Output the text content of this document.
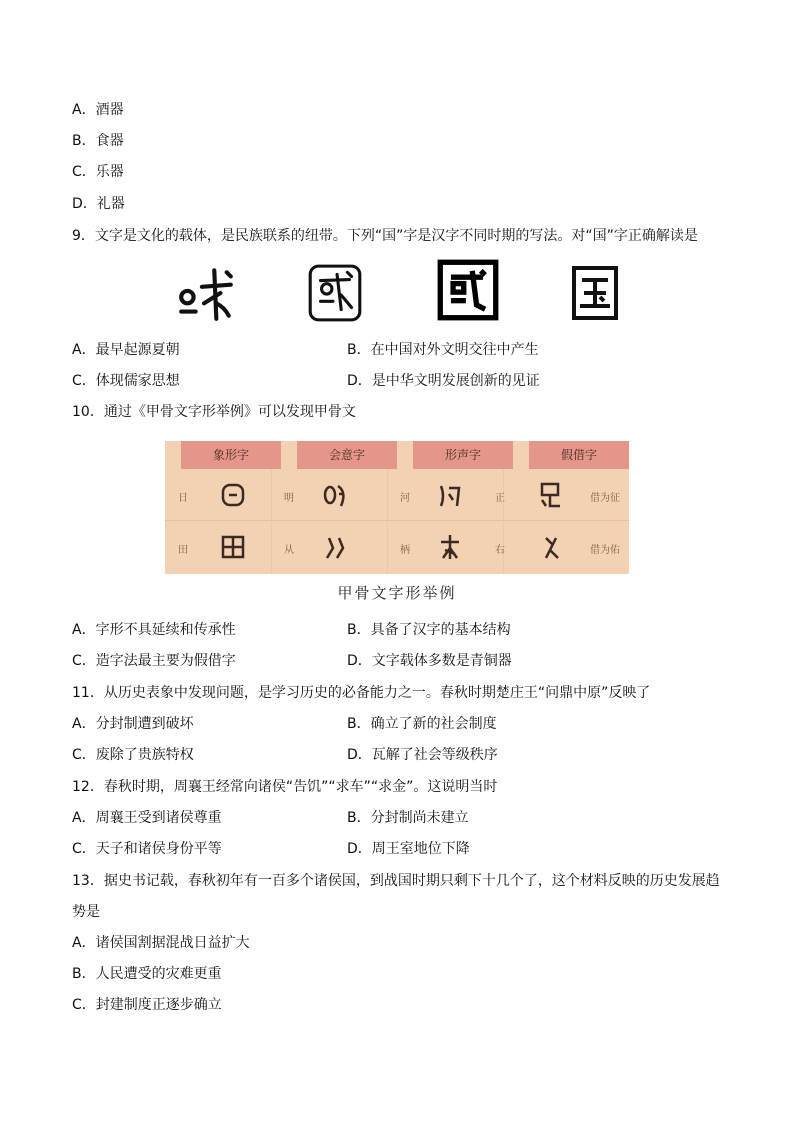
A．酒器
B．食器
C．乐器
D．礼器
9．文字是文化的载体，是民族联系的纽带。下列“国”字是汉字不同时期的写法。对“国”字正确解读是
A．最早起源夏朝	B．在中国对外文明交往中产生
C．体现儒家思想	D．是中华文明发展创新的见证
10．通过《甲骨文字形举例》可以发现甲骨文
象形字	会意字	形声字	假借字
日	明	河	正	借为征
田	从	柄	右	借为佑
甲骨文字形举例
A．字形不具延续和传承性	B．具备了汉字的基本结构
C．造字法最主要为假借字	D．文字载体多数是青铜器
11．从历史表象中发现问题，是学习历史的必备能力之一。春秋时期楚庄王“问鼎中原”反映了
A．分封制遭到破坏	B．确立了新的社会制度
C．废除了贵族特权	D．瓦解了社会等级秩序
12．春秋时期，周襄王经常向诸侯“告饥”“求车”“求金”。这说明当时
A．周襄王受到诸侯尊重	B．分封制尚未建立
C．天子和诸侯身份平等	D．周王室地位下降
13．据史书记载，春秋初年有一百多个诸侯国，到战国时期只剩下十几个了，这个材料反映的历史发展趋
势是
A．诸侯国割据混战日益扩大
B．人民遭受的灾难更重
C．封建制度正逐步确立
